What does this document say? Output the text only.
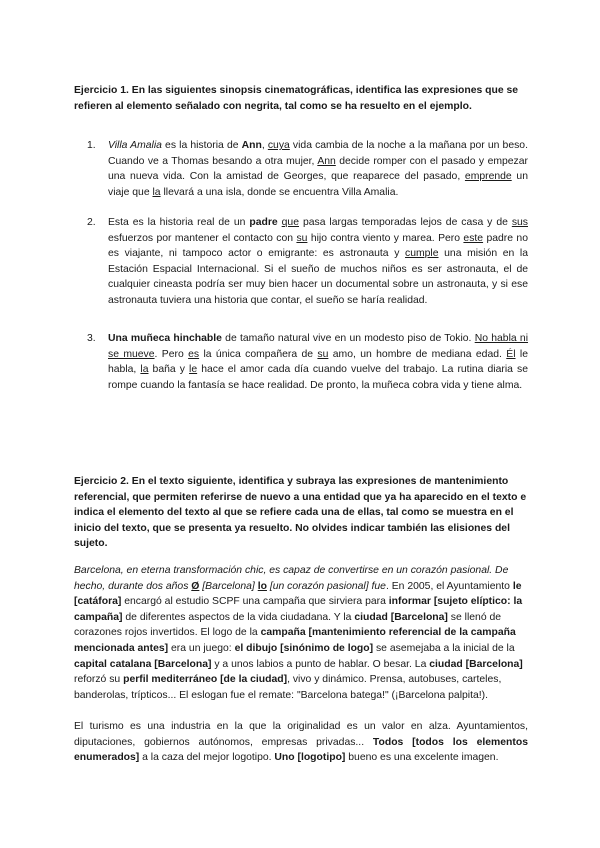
Ejercicio 1. En las siguientes sinopsis cinematográficas, identifica las expresiones que se refieren al elemento señalado con negrita, tal como se ha resuelto en el ejemplo.
1. Villa Amalia es la historia de Ann, cuya vida cambia de la noche a la mañana por un beso. Cuando ve a Thomas besando a otra mujer, Ann decide romper con el pasado y empezar una nueva vida. Con la amistad de Georges, que reaparece del pasado, emprende un viaje que la llevará a una isla, donde se encuentra Villa Amalia.
2. Esta es la historia real de un padre que pasa largas temporadas lejos de casa y de sus esfuerzos por mantener el contacto con su hijo contra viento y marea. Pero este padre no es viajante, ni tampoco actor o emigrante: es astronauta y cumple una misión en la Estación Espacial Internacional. Si el sueño de muchos niños es ser astronauta, el de cualquier cineasta podría ser muy bien hacer un documental sobre un astronauta, y si ese astronauta tuviera una historia que contar, el sueño se haría realidad.
3. Una muñeca hinchable de tamaño natural vive en un modesto piso de Tokio. No habla ni se mueve. Pero es la única compañera de su amo, un hombre de mediana edad. Él le habla, la baña y le hace el amor cada día cuando vuelve del trabajo. La rutina diaria se rompe cuando la fantasía se hace realidad. De pronto, la muñeca cobra vida y tiene alma.
Ejercicio 2. En el texto siguiente, identifica y subraya las expresiones de mantenimiento referencial, que permiten referirse de nuevo a una entidad que ya ha aparecido en el texto e indica el elemento del texto al que se refiere cada una de ellas, tal como se muestra en el inicio del texto, que se presenta ya resuelto. No olvides indicar también las elisiones del sujeto.

Barcelona, en eterna transformación chic, es capaz de convertirse en un corazón pasional. De hecho, durante dos años Ø [Barcelona] lo [un corazón pasional] fue. En 2005, el Ayuntamiento le [catáfora] encargó al estudio SCPF una campaña que sirviera para informar [sujeto elíptico: la campaña] de diferentes aspectos de la vida ciudadana. Y la ciudad [Barcelona] se llenó de corazones rojos invertidos. El logo de la campaña [mantenimiento referencial de la campaña mencionada antes] era un juego: el dibujo [sinónimo de logo] se asemejaba a la inicial de la capital catalana [Barcelona] y a unos labios a punto de hablar. O besar. La ciudad [Barcelona] reforzó su perfil mediterráneo [de la ciudad], vivo y dinámico. Prensa, autobuses, carteles, banderolas, trípticos... El eslogan fue el remate: "Barcelona batega!" (¡Barcelona palpita!).

El turismo es una industria en la que la originalidad es un valor en alza. Ayuntamientos, diputaciones, gobiernos autónomos, empresas privadas... Todos [todos los elementos enumerados] a la caza del mejor logotipo. Uno [logotipo] bueno es una excelente imagen.
